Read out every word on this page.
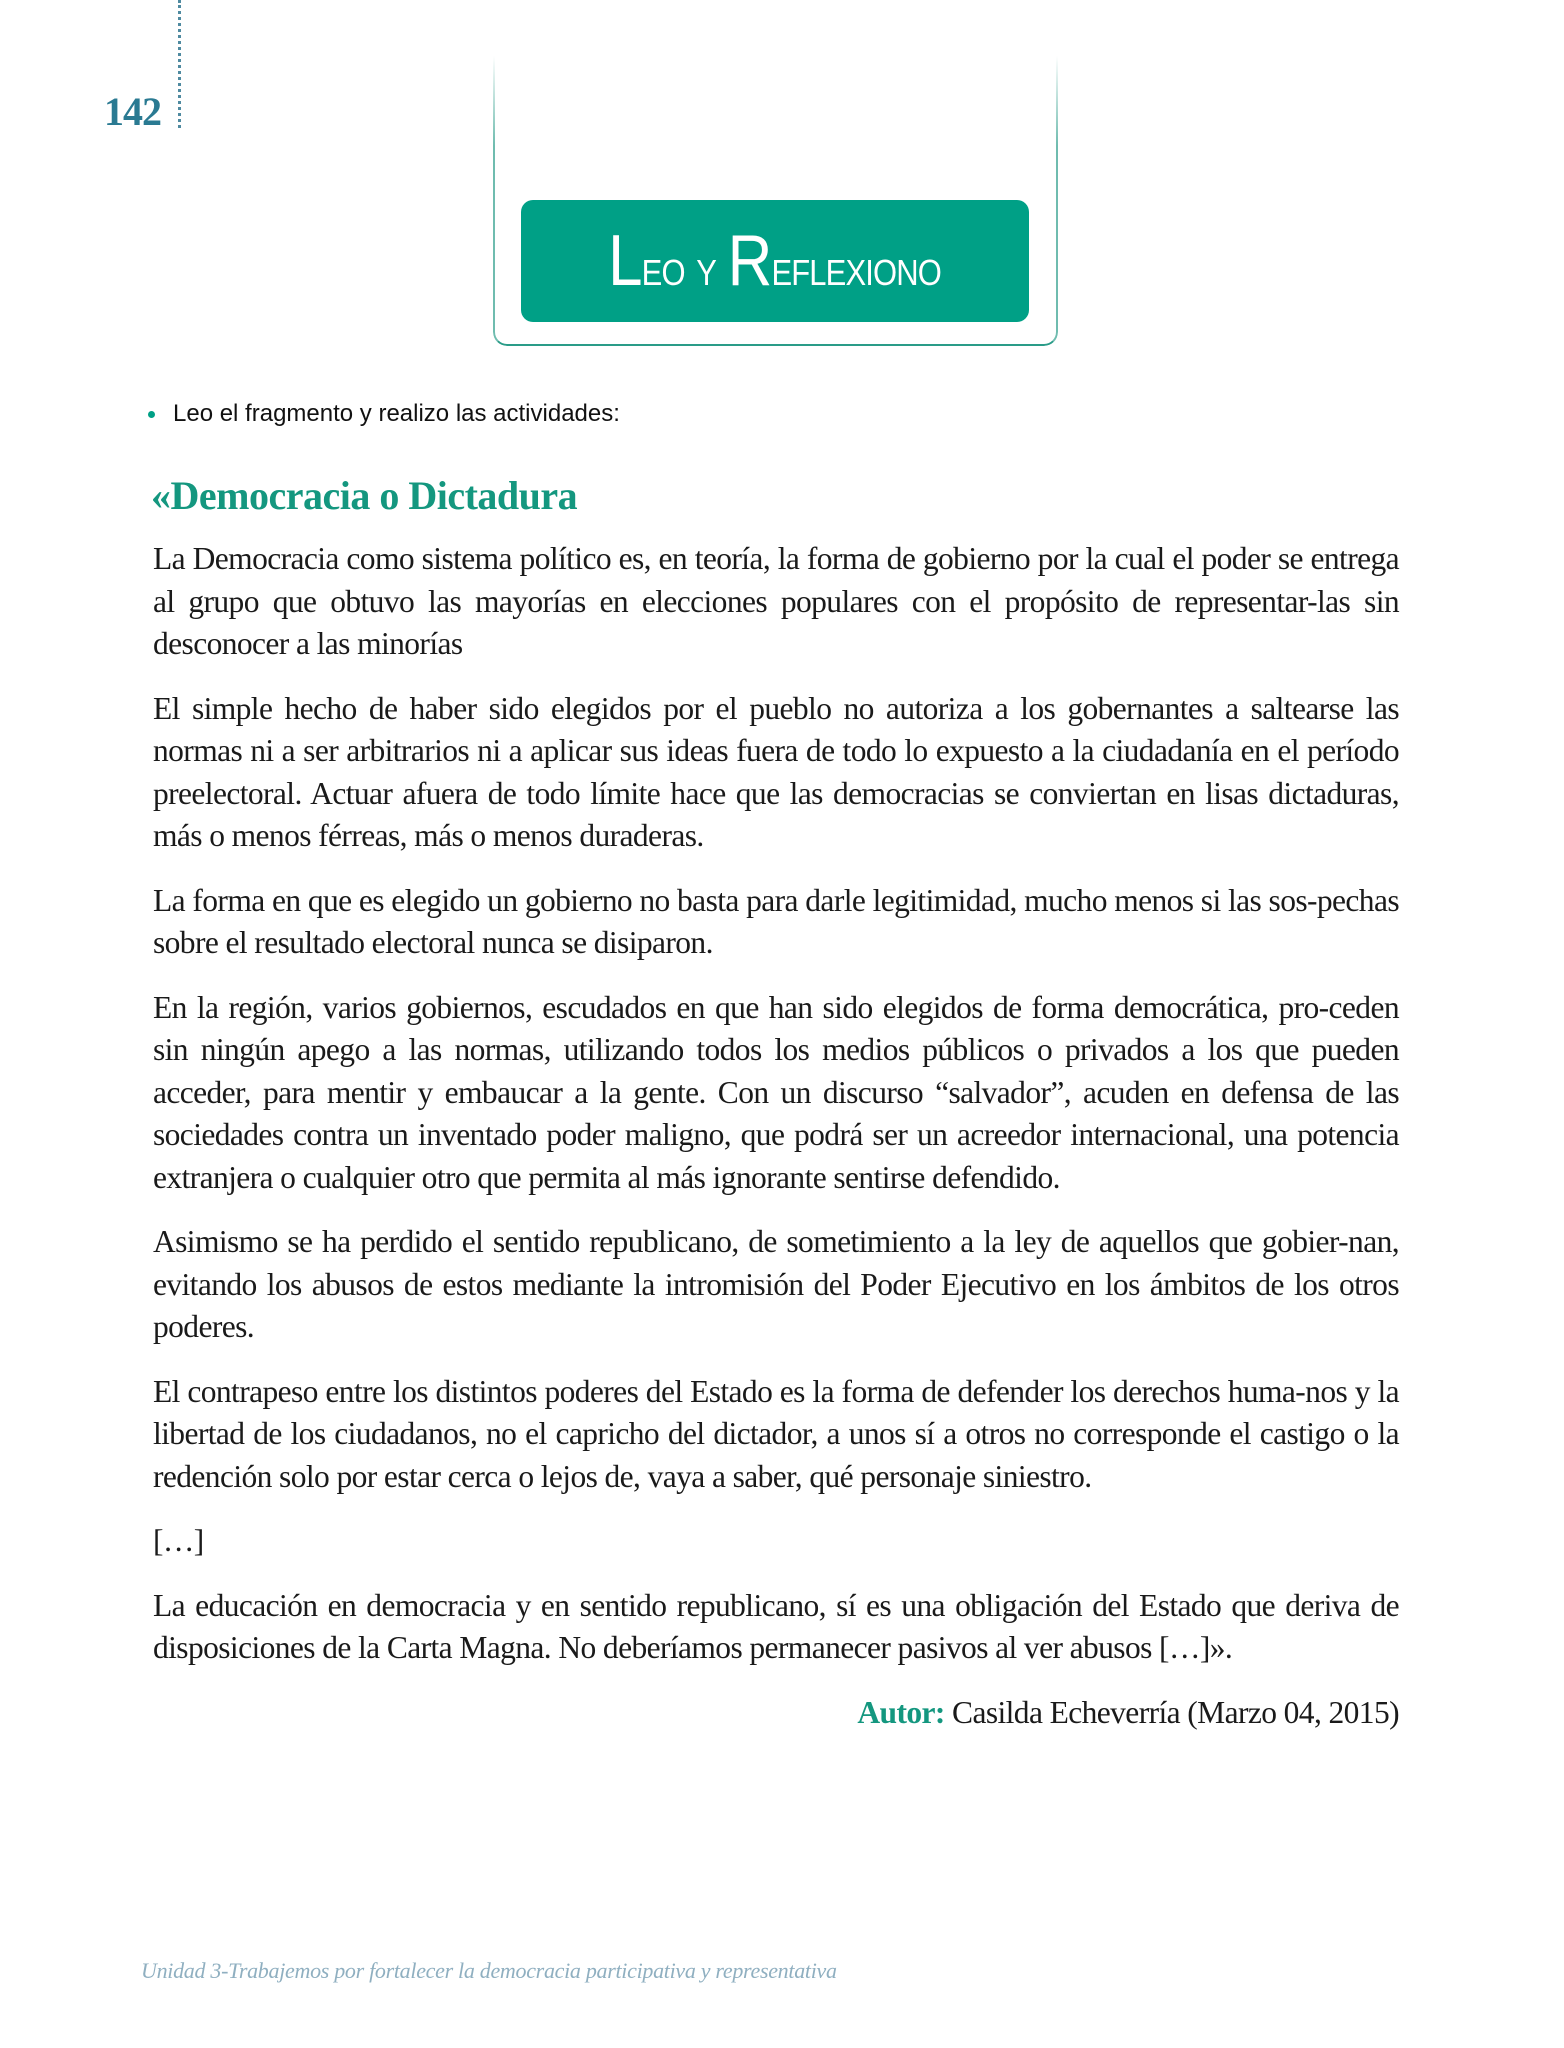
142
Leo y Reflexiono
Leo el fragmento y realizo las actividades:
«Democracia o Dictadura

La Democracia como sistema político es, en teoría, la forma de gobierno por la cual el poder se entrega al grupo que obtuvo las mayorías en elecciones populares con el propósito de representar-las sin desconocer a las minorías

El simple hecho de haber sido elegidos por el pueblo no autoriza a los gobernantes a saltearse las normas ni a ser arbitrarios ni a aplicar sus ideas fuera de todo lo expuesto a la ciudadanía en el período preelectoral. Actuar afuera de todo límite hace que las democracias se conviertan en lisas dictaduras, más o menos férreas, más o menos duraderas.

La forma en que es elegido un gobierno no basta para darle legitimidad, mucho menos si las sos-pechas sobre el resultado electoral nunca se disiparon.

En la región, varios gobiernos, escudados en que han sido elegidos de forma democrática, pro-ceden sin ningún apego a las normas, utilizando todos los medios públicos o privados a los que pueden acceder, para mentir y embaucar a la gente. Con un discurso “salvador”, acuden en defensa de las sociedades contra un inventado poder maligno, que podrá ser un acreedor internacional, una potencia extranjera o cualquier otro que permita al más ignorante sentirse defendido.

Asimismo se ha perdido el sentido republicano, de sometimiento a la ley de aquellos que gobier-nan, evitando los abusos de estos mediante la intromisión del Poder Ejecutivo en los ámbitos de los otros poderes.

El contrapeso entre los distintos poderes del Estado es la forma de defender los derechos huma-nos y la libertad de los ciudadanos, no el capricho del dictador, a unos sí a otros no corresponde el castigo o la redención solo por estar cerca o lejos de, vaya a saber, qué personaje siniestro.

[…]

La educación en democracia y en sentido republicano, sí es una obligación del Estado que deriva de disposiciones de la Carta Magna. No deberíamos permanecer pasivos al ver abusos […]».

Autor: Casilda Echeverría (Marzo 04, 2015)
Unidad 3-Trabajemos por fortalecer la democracia participativa y representativa
